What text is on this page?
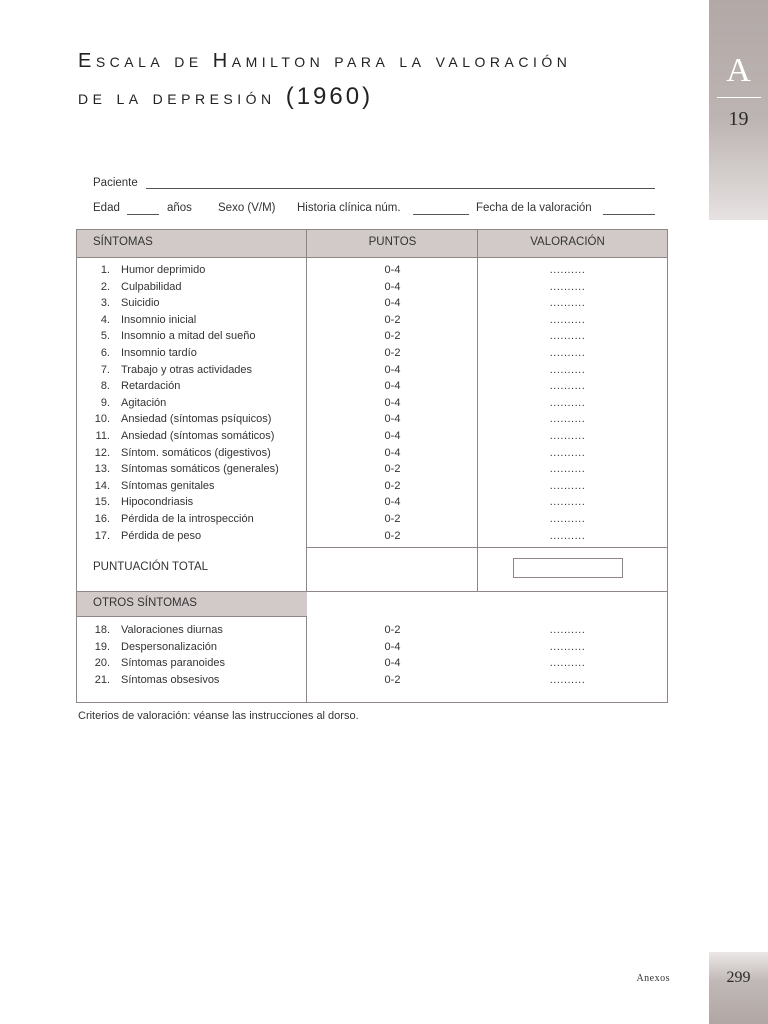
A
19
Escala de Hamilton para la valoración
de la depresión (1960)
Paciente
Edad	años Sexo (V/M) Historia clínica núm.	Fecha de la valoración
SÍNTOMAS	PUNTOS	VALORACIÓN
1. Humor deprimido	0-4	..........
2. Culpabilidad	0-4	..........
3. Suicidio	0-4	..........
4. Insomnio inicial	0-2	..........
5. Insomnio a mitad del sueño	0-2	..........
6. Insomnio tardío	0-2	..........
7. Trabajo y otras actividades	0-4	..........
8. Retardación	0-4	..........
9. Agitación	0-4	..........
10. Ansiedad (síntomas psíquicos)	0-4	..........
11. Ansiedad (síntomas somáticos)	0-4	..........
12. Síntom. somáticos (digestivos)	0-4	..........
13. Síntomas somáticos (generales)	0-2	..........
14. Síntomas genitales	0-2	..........
15. Hipocondriasis	0-4	..........
16. Pérdida de la introspección	0-2	..........
17. Pérdida de peso	0-2	..........
PUNTUACIÓN TOTAL
OTROS SÍNTOMAS
18. Valoraciones diurnas	0-2	..........
19. Despersonalización	0-4	..........
20. Síntomas paranoides	0-4	..........
21. Síntomas obsesivos	0-2	..........
Criterios de valoración: véanse las instrucciones al dorso.
Anexos	299
